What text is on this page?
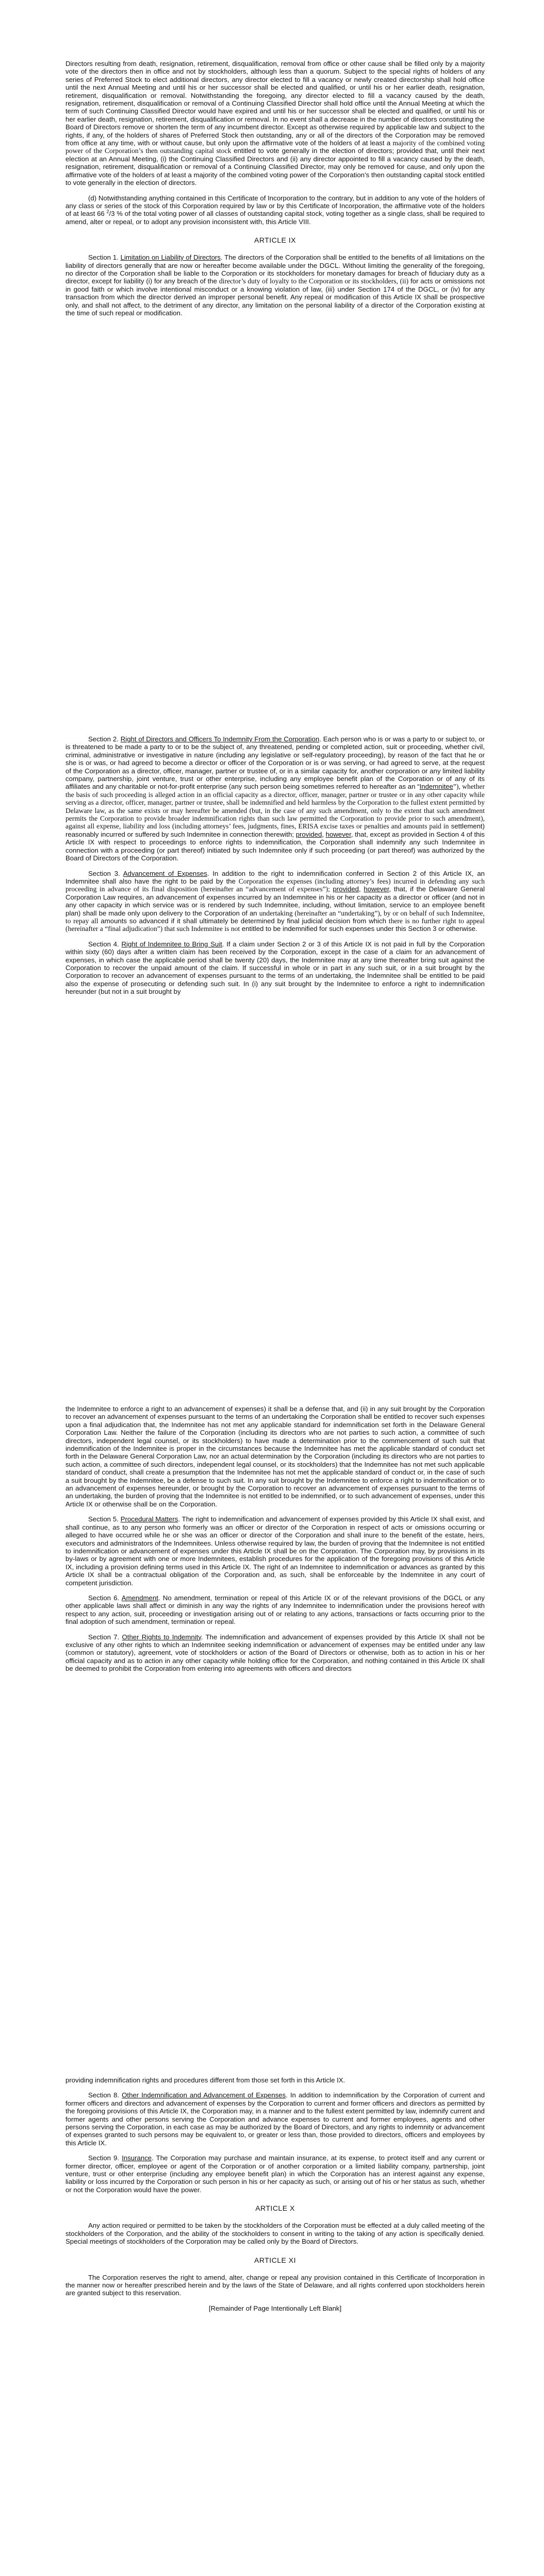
Directors resulting from death, resignation, retirement, disqualification, removal from office or other cause shall be filled only by a majority vote of the directors then in office and not by stockholders, although less than a quorum. Subject to the special rights of holders of any series of Preferred Stock to elect additional directors, any director elected to fill a vacancy or newly created directorship shall hold office until the next Annual Meeting and until his or her successor shall be elected and qualified, or until his or her earlier death, resignation, retirement, disqualification or removal. Notwithstanding the foregoing, any director elected to fill a vacancy caused by the death, resignation, retirement, disqualification or removal of a Continuing Classified Director shall hold office until the Annual Meeting at which the term of such Continuing Classified Director would have expired and until his or her successor shall be elected and qualified, or until his or her earlier death, resignation, retirement, disqualification or removal. In no event shall a decrease in the number of directors constituting the Board of Directors remove or shorten the term of any incumbent director. Except as otherwise required by applicable law and subject to the rights, if any, of the holders of shares of Preferred Stock then outstanding, any or all of the directors of the Corporation may be removed from office at any time, with or without cause, but only upon the affirmative vote of the holders of at least a majority of the combined voting power of the Corporation’s then outstanding capital stock entitled to vote generally in the election of directors; provided that, until their next election at an Annual Meeting, (i) the Continuing Classified Directors and (ii) any director appointed to fill a vacancy caused by the death, resignation, retirement, disqualification or removal of a Continuing Classified Director, may only be removed for cause, and only upon the affirmative vote of the holders of at least a majority of the combined voting power of the Corporation’s then outstanding capital stock entitled to vote generally in the election of directors.

(d) Notwithstanding anything contained in this Certificate of Incorporation to the contrary, but in addition to any vote of the holders of any class or series of the stock of this Corporation required by law or by this Certificate of Incorporation, the affirmative vote of the holders of at least 66 $^2$/3 % of the total voting power of all classes of outstanding capital stock, voting together as a single class, shall be required to amend, alter or repeal, or to adopt any provision inconsistent with, this Article VIII.

ARTICLE IX

Section 1. Limitation on Liability of Directors. The directors of the Corporation shall be entitled to the benefits of all limitations on the liability of directors generally that are now or hereafter become available under the DGCL. Without limiting the generality of the foregoing, no director of the Corporation shall be liable to the Corporation or its stockholders for monetary damages for breach of fiduciary duty as a director, except for liability (i) for any breach of the director’s duty of loyalty to the Corporation or its stockholders, (ii) for acts or omissions not in good faith or which involve intentional misconduct or a knowing violation of law, (iii) under Section 174 of the DGCL, or (iv) for any transaction from which the director derived an improper personal benefit. Any repeal or modification of this Article IX shall be prospective only, and shall not affect, to the detriment of any director, any limitation on the personal liability of a director of the Corporation existing at the time of such repeal or modification.

Section 2. Right of Directors and Officers To Indemnity From the Corporation. Each person who is or was a party to or subject to, or is threatened to be made a party to or to be the subject of, any threatened, pending or completed action, suit or proceeding, whether civil, criminal, administrative or investigative in nature (including any legislative or self-regulatory proceeding), by reason of the fact that he or she is or was, or had agreed to become a director or officer of the Corporation or is or was serving, or had agreed to serve, at the request of the Corporation as a director, officer, manager, partner or trustee of, or in a similar capacity for, another corporation or any limited liability company, partnership, joint venture, trust or other enterprise, including any employee benefit plan of the Corporation or of any of its affiliates and any charitable or not-for-profit enterprise (any such person being sometimes referred to hereafter as an “Indemnitee”), whether the basis of such proceeding is alleged action in an official capacity as a director, officer, manager, partner or trustee or in any other capacity while serving as a director, officer, manager, partner or trustee, shall be indemnified and held harmless by the Corporation to the fullest extent permitted by Delaware law, as the same exists or may hereafter be amended (but, in the case of any such amendment, only to the extent that such amendment permits the Corporation to provide broader indemnification rights than such law permitted the Corporation to provide prior to such amendment), against all expense, liability and loss (including attorneys’ fees, judgments, fines, ERISA excise taxes or penalties and amounts paid in settlement) reasonably incurred or suffered by such Indemnitee in connection therewith; provided, however, that, except as provided in Section 4 of this Article IX with respect to proceedings to enforce rights to indemnification, the Corporation shall indemnify any such Indemnitee in connection with a proceeding (or part thereof) initiated by such Indemnitee only if such proceeding (or part thereof) was authorized by the Board of Directors of the Corporation.

Section 3. Advancement of Expenses. In addition to the right to indemnification conferred in Section 2 of this Article IX, an Indemnitee shall also have the right to be paid by the Corporation the expenses (including attorney’s fees) incurred in defending any such proceeding in advance of its final disposition (hereinafter an “advancement of expenses”); provided, however, that, if the Delaware General Corporation Law requires, an advancement of expenses incurred by an Indemnitee in his or her capacity as a director or officer (and not in any other capacity in which service was or is rendered by such Indemnitee, including, without limitation, service to an employee benefit plan) shall be made only upon delivery to the Corporation of an undertaking (hereinafter an “undertaking”), by or on behalf of such Indemnitee, to repay all amounts so advanced if it shall ultimately be determined by final judicial decision from which there is no further right to appeal (hereinafter a “final adjudication”) that such Indemnitee is not entitled to be indemnified for such expenses under this Section 3 or otherwise.

Section 4. Right of Indemnitee to Bring Suit. If a claim under Section 2 or 3 of this Article IX is not paid in full by the Corporation within sixty (60) days after a written claim has been received by the Corporation, except in the case of a claim for an advancement of expenses, in which case the applicable period shall be twenty (20) days, the Indemnitee may at any time thereafter bring suit against the Corporation to recover the unpaid amount of the claim. If successful in whole or in part in any such suit, or in a suit brought by the Corporation to recover an advancement of expenses pursuant to the terms of an undertaking, the Indemnitee shall be entitled to be paid also the expense of prosecuting or defending such suit. In (i) any suit brought by the Indemnitee to enforce a right to indemnification hereunder (but not in a suit brought by

the Indemnitee to enforce a right to an advancement of expenses) it shall be a defense that, and (ii) in any suit brought by the Corporation to recover an advancement of expenses pursuant to the terms of an undertaking the Corporation shall be entitled to recover such expenses upon a final adjudication that, the Indemnitee has not met any applicable standard for indemnification set forth in the Delaware General Corporation Law. Neither the failure of the Corporation (including its directors who are not parties to such action, a committee of such directors, independent legal counsel, or its stockholders) to have made a determination prior to the commencement of such suit that indemnification of the Indemnitee is proper in the circumstances because the Indemnitee has met the applicable standard of conduct set forth in the Delaware General Corporation Law, nor an actual determination by the Corporation (including its directors who are not parties to such action, a committee of such directors, independent legal counsel, or its stockholders) that the Indemnitee has not met such applicable standard of conduct, shall create a presumption that the Indemnitee has not met the applicable standard of conduct or, in the case of such a suit brought by the Indemnitee, be a defense to such suit. In any suit brought by the Indemnitee to enforce a right to indemnification or to an advancement of expenses hereunder, or brought by the Corporation to recover an advancement of expenses pursuant to the terms of an undertaking, the burden of proving that the Indemnitee is not entitled to be indemnified, or to such advancement of expenses, under this Article IX or otherwise shall be on the Corporation.

Section 5. Procedural Matters. The right to indemnification and advancement of expenses provided by this Article IX shall exist, and shall continue, as to any person who formerly was an officer or director of the Corporation in respect of acts or omissions occurring or alleged to have occurred while he or she was an officer or director of the Corporation and shall inure to the benefit of the estate, heirs, executors and administrators of the Indemnitees. Unless otherwise required by law, the burden of proving that the Indemnitee is not entitled to indemnification or advancement of expenses under this Article IX shall be on the Corporation. The Corporation may, by provisions in its by-laws or by agreement with one or more Indemnitees, establish procedures for the application of the foregoing provisions of this Article IX, including a provision defining terms used in this Article IX. The right of an Indemnitee to indemnification or advances as granted by this Article IX shall be a contractual obligation of the Corporation and, as such, shall be enforceable by the Indemnitee in any court of competent jurisdiction.

Section 6. Amendment. No amendment, termination or repeal of this Article IX or of the relevant provisions of the DGCL or any other applicable laws shall affect or diminish in any way the rights of any Indemnitee to indemnification under the provisions hereof with respect to any action, suit, proceeding or investigation arising out of or relating to any actions, transactions or facts occurring prior to the final adoption of such amendment, termination or repeal.

Section 7. Other Rights to Indemnity. The indemnification and advancement of expenses provided by this Article IX shall not be exclusive of any other rights to which an Indemnitee seeking indemnification or advancement of expenses may be entitled under any law (common or statutory), agreement, vote of stockholders or action of the Board of Directors or otherwise, both as to action in his or her official capacity and as to action in any other capacity while holding office for the Corporation, and nothing contained in this Article IX shall be deemed to prohibit the Corporation from entering into agreements with officers and directors

providing indemnification rights and procedures different from those set forth in this Article IX.

Section 8. Other Indemnification and Advancement of Expenses. In addition to indemnification by the Corporation of current and former officers and directors and advancement of expenses by the Corporation to current and former officers and directors as permitted by the foregoing provisions of this Article IX, the Corporation may, in a manner and to the fullest extent permitted by law, indemnify current and former agents and other persons serving the Corporation and advance expenses to current and former employees, agents and other persons serving the Corporation, in each case as may be authorized by the Board of Directors, and any rights to indemnity or advancement of expenses granted to such persons may be equivalent to, or greater or less than, those provided to directors, officers and employees by this Article IX.

Section 9. Insurance. The Corporation may purchase and maintain insurance, at its expense, to protect itself and any current or former director, officer, employee or agent of the Corporation or of another corporation or a limited liability company, partnership, joint venture, trust or other enterprise (including any employee benefit plan) in which the Corporation has an interest against any expense, liability or loss incurred by the Corporation or such person in his or her capacity as such, or arising out of his or her status as such, whether or not the Corporation would have the power.

ARTICLE X

Any action required or permitted to be taken by the stockholders of the Corporation must be effected at a duly called meeting of the stockholders of the Corporation, and the ability of the stockholders to consent in writing to the taking of any action is specifically denied. Special meetings of stockholders of the Corporation may be called only by the Board of Directors.

ARTICLE XI

The Corporation reserves the right to amend, alter, change or repeal any provision contained in this Certificate of Incorporation in the manner now or hereafter prescribed herein and by the laws of the State of Delaware, and all rights conferred upon stockholders herein are granted subject to this reservation.

[Remainder of Page Intentionally Left Blank]
